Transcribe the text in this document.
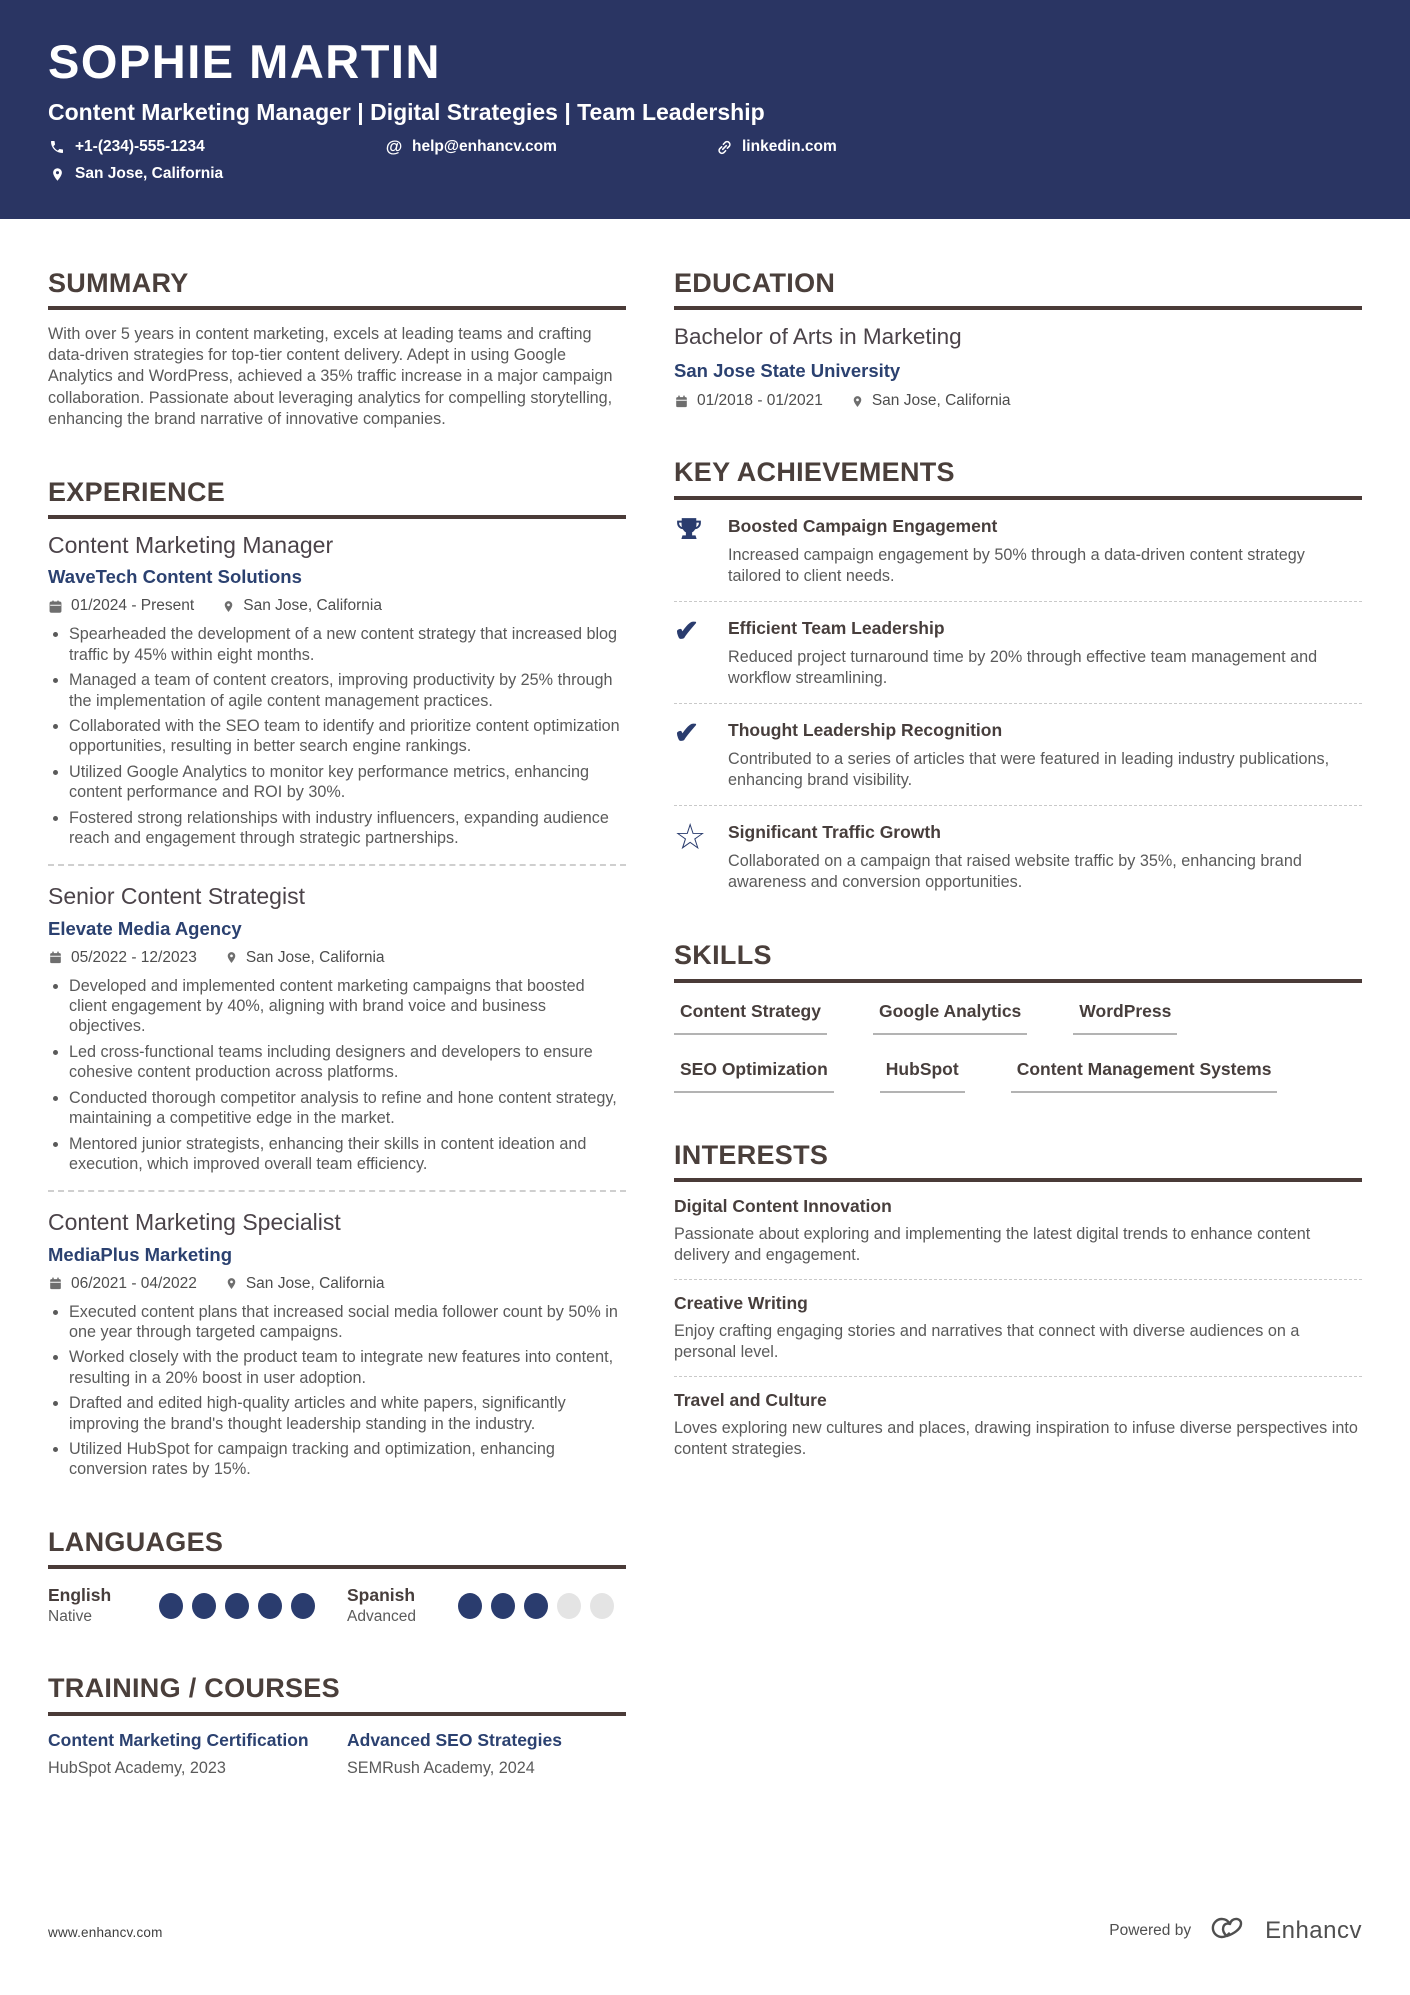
SOPHIE MARTIN
Content Marketing Manager | Digital Strategies | Team Leadership
+1-(234)-555-1234	@ help@enhancv.com	linkedin.com
San Jose, California
SUMMARY

With over 5 years in content marketing, excels at leading teams and crafting data-driven strategies for top-tier content delivery. Adept in using Google Analytics and WordPress, achieved a 35% traffic increase in a major campaign collaboration. Passionate about leveraging analytics for compelling storytelling, enhancing the brand narrative of innovative companies.

EXPERIENCE
Content Marketing Manager
WaveTech Content Solutions
01/2024 - Present	San Jose, California
• Spearheaded the development of a new content strategy that increased blog traffic by 45% within eight months.
• Managed a team of content creators, improving productivity by 25% through the implementation of agile content management practices.
• Collaborated with the SEO team to identify and prioritize content optimization opportunities, resulting in better search engine rankings.
• Utilized Google Analytics to monitor key performance metrics, enhancing content performance and ROI by 30%.
• Fostered strong relationships with industry influencers, expanding audience reach and engagement through strategic partnerships.
Senior Content Strategist
Elevate Media Agency
05/2022 - 12/2023	San Jose, California
• Developed and implemented content marketing campaigns that boosted client engagement by 40%, aligning with brand voice and business objectives.
• Led cross-functional teams including designers and developers to ensure cohesive content production across platforms.
• Conducted thorough competitor analysis to refine and hone content strategy, maintaining a competitive edge in the market.
• Mentored junior strategists, enhancing their skills in content ideation and execution, which improved overall team efficiency.
Content Marketing Specialist
MediaPlus Marketing
06/2021 - 04/2022	San Jose, California
• Executed content plans that increased social media follower count by 50% in one year through targeted campaigns.
• Worked closely with the product team to integrate new features into content, resulting in a 20% boost in user adoption.
• Drafted and edited high-quality articles and white papers, significantly improving the brand's thought leadership standing in the industry.
• Utilized HubSpot for campaign tracking and optimization, enhancing conversion rates by 15%.
LANGUAGES
English
Native
Spanish
Advanced
TRAINING / COURSES
Content Marketing Certification
HubSpot Academy, 2023
Advanced SEO Strategies
SEMRush Academy, 2024
EDUCATION
Bachelor of Arts in Marketing
San Jose State University
01/2018 - 01/2021	San Jose, California
KEY ACHIEVEMENTS
Boosted Campaign Engagement

Increased campaign engagement by 50% through a data-driven content strategy tailored to client needs.

✔ Efficient Team Leadership

Reduced project turnaround time by 20% through effective team management and workflow streamlining.

✔ Thought Leadership Recognition

Contributed to a series of articles that were featured in leading industry publications, enhancing brand visibility.

☆ Significant Traffic Growth

Collaborated on a campaign that raised website traffic by 35%, enhancing brand awareness and conversion opportunities.

SKILLS
Content Strategy	Google Analytics	WordPress
SEO Optimization	HubSpot	Content Management Systems
INTERESTS
Digital Content Innovation

Passionate about exploring and implementing the latest digital trends to enhance content delivery and engagement.

Creative Writing

Enjoy crafting engaging stories and narratives that connect with diverse audiences on a personal level.

Travel and Culture

Loves exploring new cultures and places, drawing inspiration to infuse diverse perspectives into content strategies.

www.enhancv.com	Powered by	Enhancv
